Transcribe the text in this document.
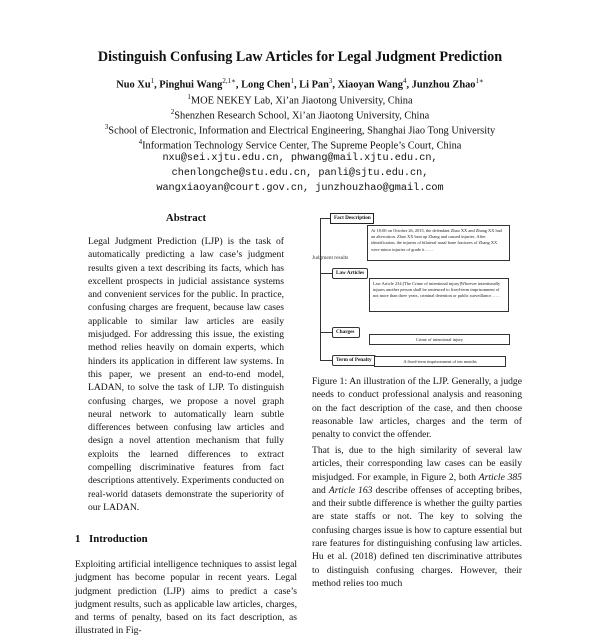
Distinguish Confusing Law Articles for Legal Judgment Prediction
Nuo Xu$^1$, Pinghui Wang$^{2,1∗}$, Long Chen$^1$, Li Pan$^3$, Xiaoyan Wang$^4$, Junzhou Zhao$^{1∗}$
$^1$MOE NEKEY Lab, Xi’an Jiaotong University, China
$^2$Shenzhen Research School, Xi’an Jiaotong University, China
$^3$School of Electronic, Information and Electrical Engineering, Shanghai Jiao Tong University
$^4$Information Technology Service Center, The Supreme People’s Court, China
nxu@sei.xjtu.edu.cn, phwang@mail.xjtu.edu.cn,
chenlongche@stu.edu.cn, panli@sjtu.edu.cn,
wangxiaoyan@court.gov.cn, junzhouzhao@gmail.com
Abstract
Legal Judgment Prediction (LJP) is the task of automatically predicting a law case’s judgment results given a text describing its facts, which has excellent prospects in judicial assistance systems and convenient services for the public. In practice, confusing charges are frequent, because law cases applicable to similar law articles are easily misjudged. For addressing this issue, the existing method relies heavily on domain experts, which hinders its application in different law systems. In this paper, we present an end-to-end model, LADAN, to solve the task of LJP. To distinguish confusing charges, we propose a novel graph neural network to automatically learn subtle differences between confusing law articles and design a novel attention mechanism that fully exploits the learned differences to extract compelling discriminative features from fact descriptions attentively. Experiments conducted on real-world datasets demonstrate the superiority of our LADAN.
1 Introduction
Exploiting artificial intelligence techniques to assist legal judgment has become popular in recent years. Legal judgment prediction (LJP) aims to predict a case’s judgment results, such as applicable law articles, charges, and terms of penalty, based on its fact description, as illustrated in Fig-
Judgment results
Fact Description
At 18:00 on October 26, 2015, the defendant Zhao XX and Zhang XX had an altercation. Zhao XX beat up Zhang and caused injuries. After identification, the injuries of bilateral nasal bone fractures of Zhang XX were minor injuries of grade ii……
Law Articles
Law Article 234:[The Crime of intentional injury]Whoever intentionally injures another person shall be sentenced to fixed-term imprisonment of not more than three years, criminal detention or public surveillance……
Charges
Crime of intentional injury
Term of Penalty	A fixed-term imprisonment of ten months
Figure 1: An illustration of the LJP. Generally, a judge needs to conduct professional analysis and reasoning on the fact description of the case, and then choose reasonable law articles, charges and the term of penalty to convict the offender.
That is, due to the high similarity of several law articles, their corresponding law cases can be easily misjudged. For example, in Figure 2, both Article 385 and Article 163 describe offenses of accepting bribes, and their subtle difference is whether the guilty parties are state staffs or not. The key to solving the confusing charges issue is how to capture essential but rare features for distinguishing confusing law articles. Hu et al. (2018) defined ten discriminative attributes to distinguish confusing charges. However, their method relies too much
